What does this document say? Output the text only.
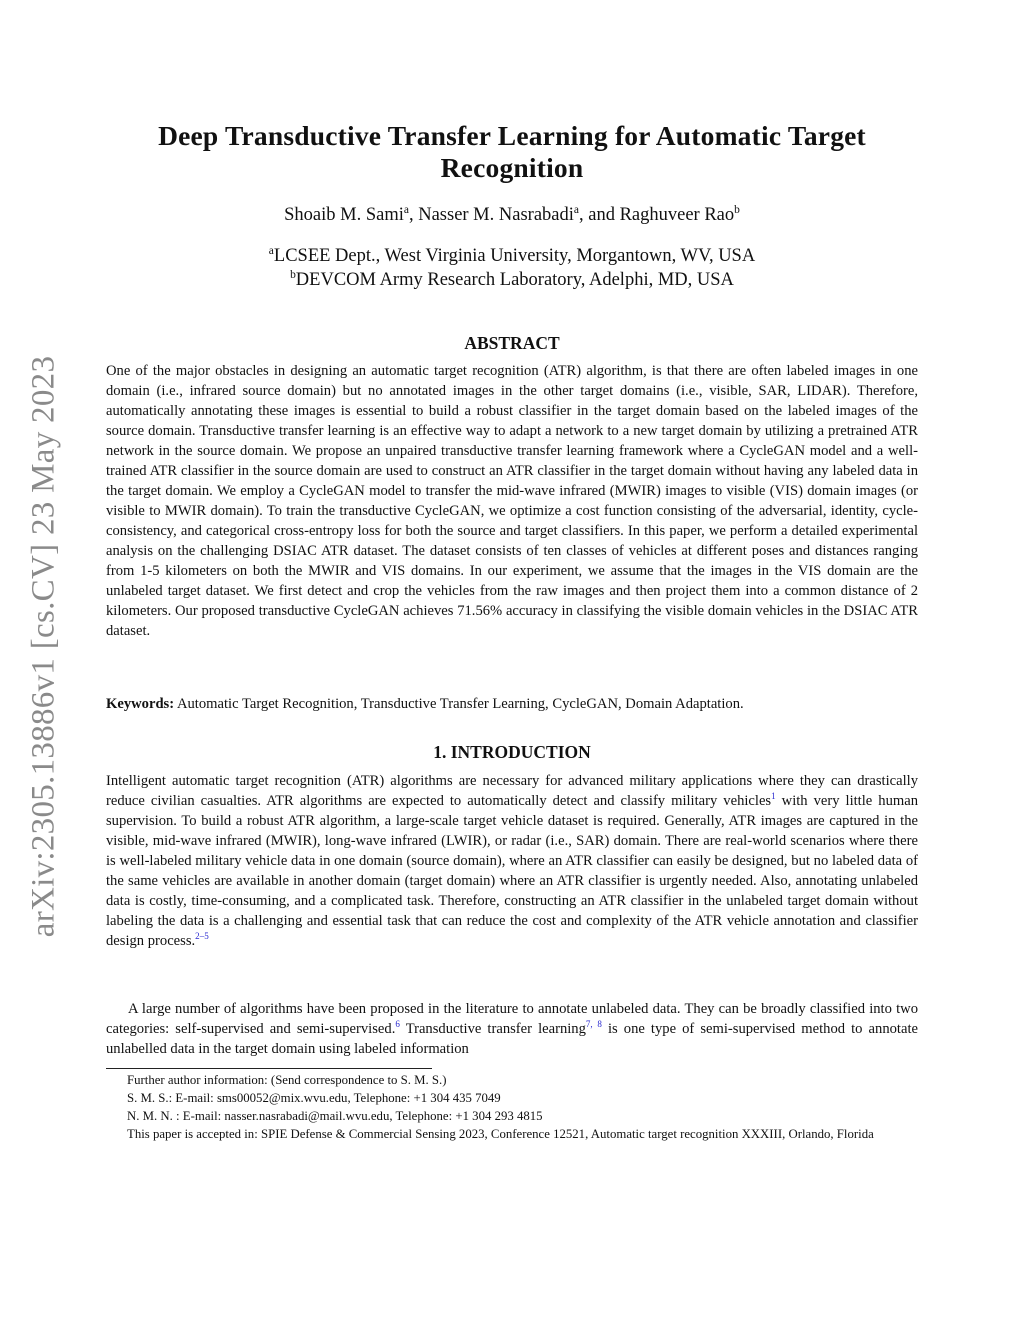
arXiv:2305.13886v1 [cs.CV] 23 May 2023
Deep Transductive Transfer Learning for Automatic Target Recognition
Shoaib M. Sami$^a$, Nasser M. Nasrabadi$^a$, and Raghuveer Rao$^b$
$^a$LCSEE Dept., West Virginia University, Morgantown, WV, USA
$^b$DEVCOM Army Research Laboratory, Adelphi, MD, USA
ABSTRACT

One of the major obstacles in designing an automatic target recognition (ATR) algorithm, is that there are often labeled images in one domain (i.e., infrared source domain) but no annotated images in the other target domains (i.e., visible, SAR, LIDAR). Therefore, automatically annotating these images is essential to build a robust classifier in the target domain based on the labeled images of the source domain. Transductive transfer learning is an effective way to adapt a network to a new target domain by utilizing a pretrained ATR network in the source domain. We propose an unpaired transductive transfer learning framework where a CycleGAN model and a well-trained ATR classifier in the source domain are used to construct an ATR classifier in the target domain without having any labeled data in the target domain. We employ a CycleGAN model to transfer the mid-wave infrared (MWIR) images to visible (VIS) domain images (or visible to MWIR domain). To train the transductive CycleGAN, we optimize a cost function consisting of the adversarial, identity, cycle-consistency, and categorical cross-entropy loss for both the source and target classifiers. In this paper, we perform a detailed experimental analysis on the challenging DSIAC ATR dataset. The dataset consists of ten classes of vehicles at different poses and distances ranging from 1-5 kilometers on both the MWIR and VIS domains. In our experiment, we assume that the images in the VIS domain are the unlabeled target dataset. We first detect and crop the vehicles from the raw images and then project them into a common distance of 2 kilometers. Our proposed transductive CycleGAN achieves 71.56% accuracy in classifying the visible domain vehicles in the DSIAC ATR dataset.

Keywords: Automatic Target Recognition, Transductive Transfer Learning, CycleGAN, Domain Adaptation.

1. INTRODUCTION

Intelligent automatic target recognition (ATR) algorithms are necessary for advanced military applications where they can drastically reduce civilian casualties. ATR algorithms are expected to automatically detect and classify military vehicles$^1$ with very little human supervision. To build a robust ATR algorithm, a large-scale target vehicle dataset is required. Generally, ATR images are captured in the visible, mid-wave infrared (MWIR), long-wave infrared (LWIR), or radar (i.e., SAR) domain. There are real-world scenarios where there is well-labeled military vehicle data in one domain (source domain), where an ATR classifier can easily be designed, but no labeled data of the same vehicles are available in another domain (target domain) where an ATR classifier is urgently needed. Also, annotating unlabeled data is costly, time-consuming, and a complicated task. Therefore, constructing an ATR classifier in the unlabeled target domain without labeling the data is a challenging and essential task that can reduce the cost and complexity of the ATR vehicle annotation and classifier design process.$^{2-5}$

A large number of algorithms have been proposed in the literature to annotate unlabeled data. They can be broadly classified into two categories: self-supervised and semi-supervised.$^6$ Transductive transfer learning$^{7, 8}$ is one type of semi-supervised method to annotate unlabelled data in the target domain using labeled information

Further author information: (Send correspondence to S. M. S.)

S. M. S.: E-mail: sms00052@mix.wvu.edu, Telephone: +1 304 435 7049

N. M. N. : E-mail: nasser.nasrabadi@mail.wvu.edu, Telephone: +1 304 293 4815

This paper is accepted in: SPIE Defense & Commercial Sensing 2023, Conference 12521, Automatic target recognition XXXIII, Orlando, Florida
